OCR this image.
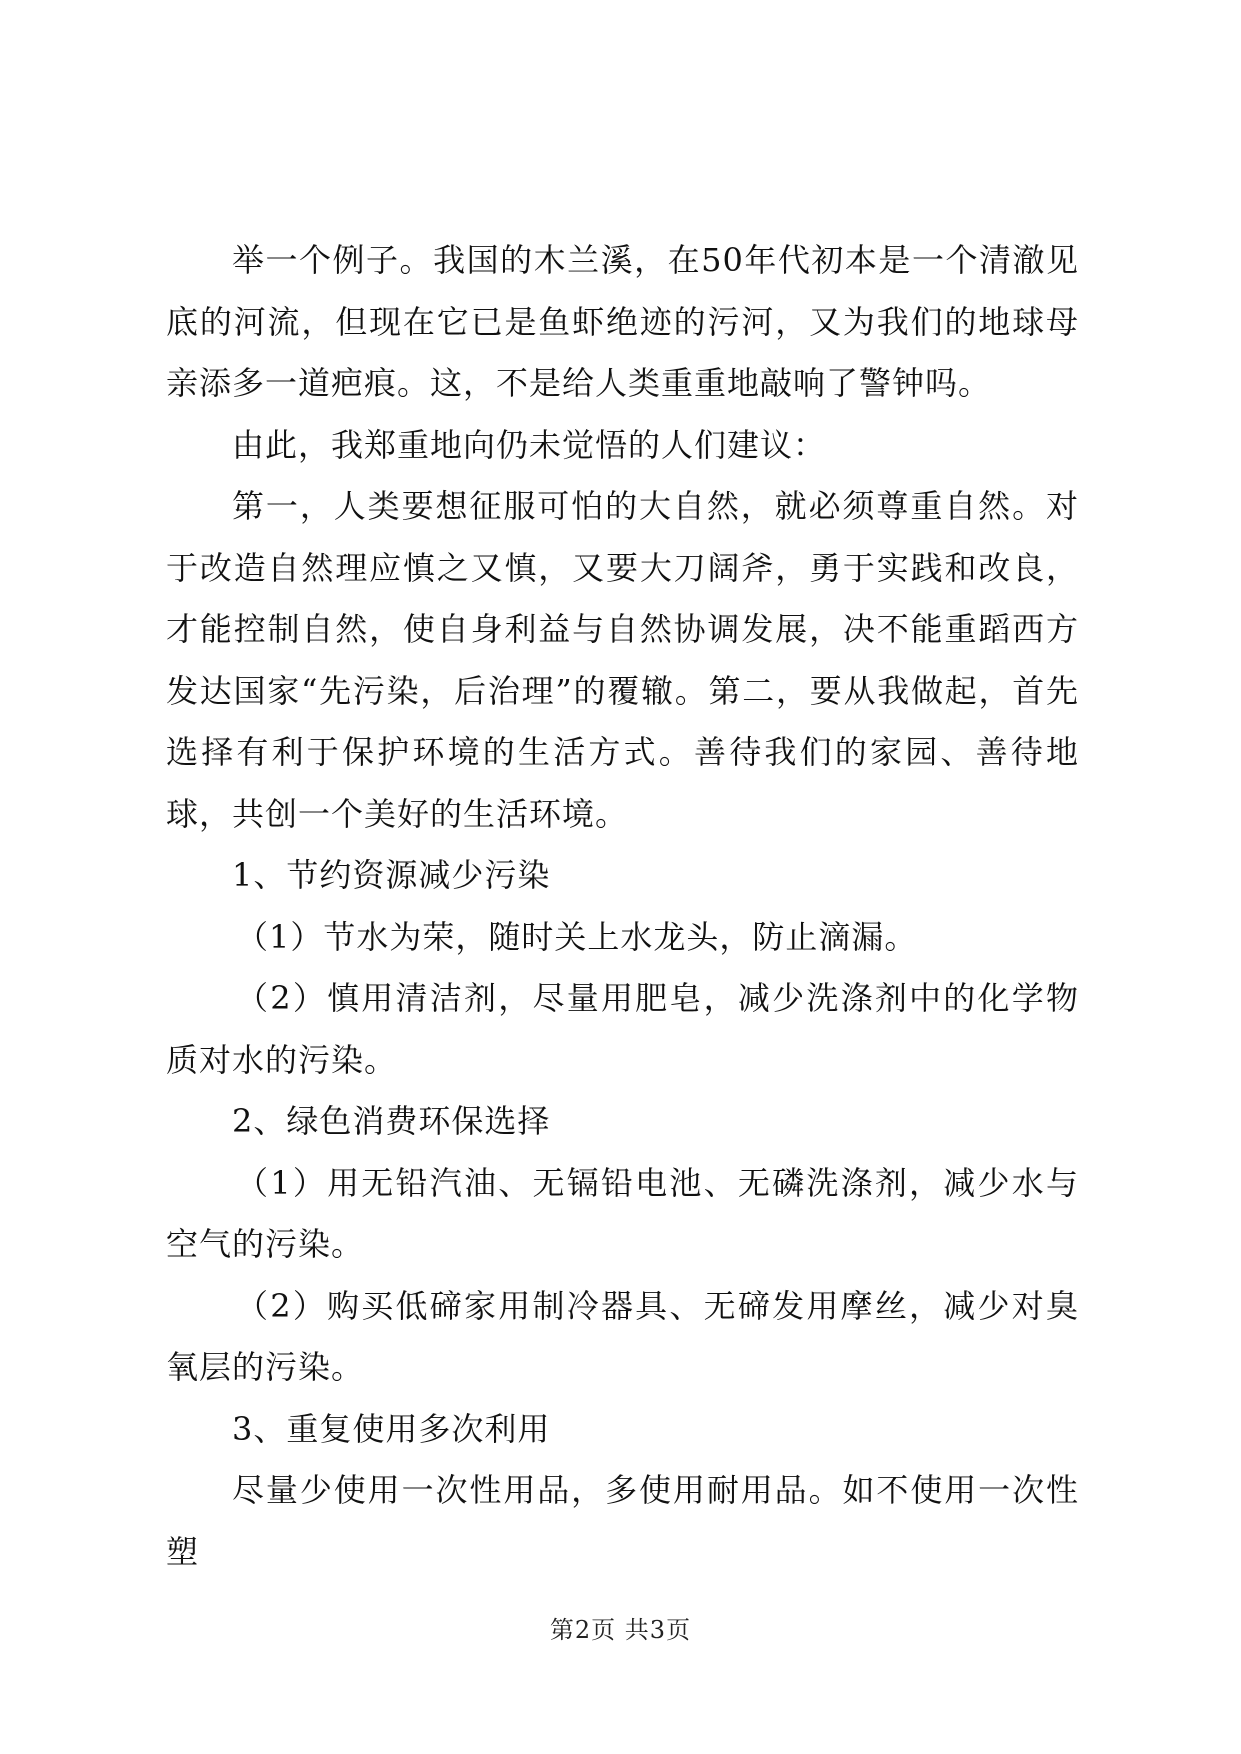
举一个例子。我国的木兰溪，在50年代初本是一个清澈见底的河流，但现在它已是鱼虾绝迹的污河，又为我们的地球母亲添多一道疤痕。这，不是给人类重重地敲响了警钟吗。

由此，我郑重地向仍未觉悟的人们建议：

第一，人类要想征服可怕的大自然，就必须尊重自然。对于改造自然理应慎之又慎，又要大刀阔斧，勇于实践和改良，才能控制自然，使自身利益与自然协调发展，决不能重蹈西方发达国家“先污染，后治理”的覆辙。第二，要从我做起，首先选择有利于保护环境的生活方式。善待我们的家园、善待地球，共创一个美好的生活环境。

1、节约资源减少污染

（1）节水为荣，随时关上水龙头，防止滴漏。

（2）慎用清洁剂，尽量用肥皂，减少洗涤剂中的化学物质对水的污染。

2、绿色消费环保选择

（1）用无铅汽油、无镉铅电池、无磷洗涤剂，减少水与空气的污染。

（2）购买低碲家用制冷器具、无碲发用摩丝，减少对臭氧层的污染。

3、重复使用多次利用

尽量少使用一次性用品，多使用耐用品。如不使用一次性塑

第2页 共3页
